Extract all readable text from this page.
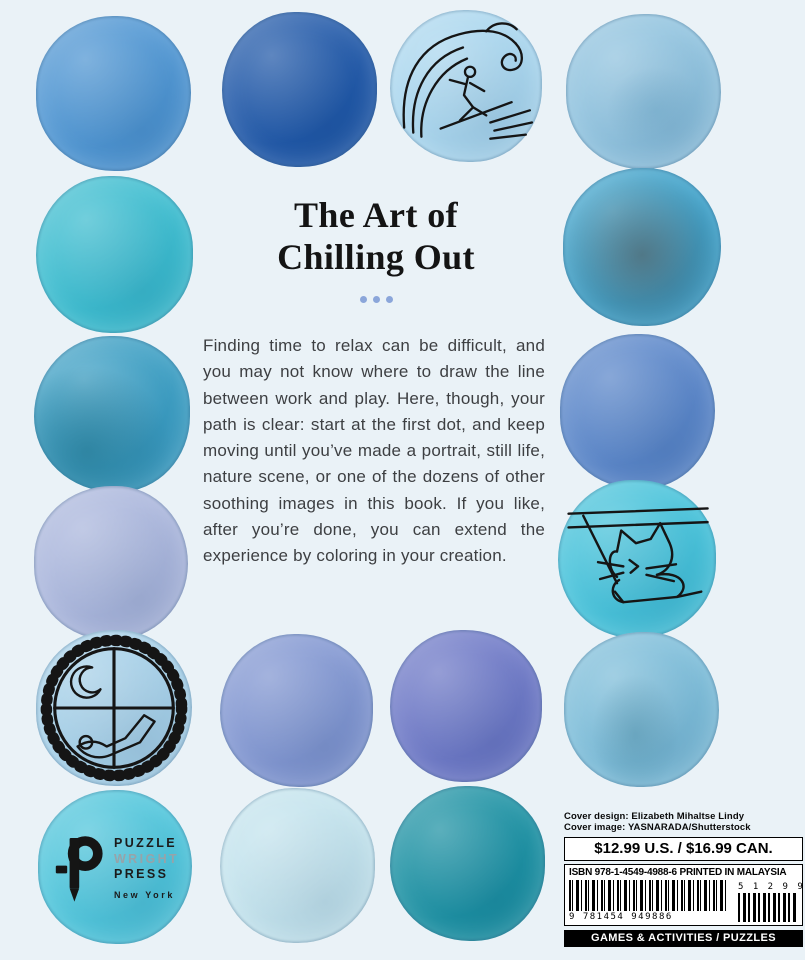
PUZZLE
WRIGHT
PRESS
New York
The Art of
Chilling Out

Finding time to relax can be difficult, and you may not know where to draw the line between work and play. Here, though, your path is clear: start at the first dot, and keep moving until you’ve made a portrait, still life, nature scene, or one of the dozens of other soothing images in this book. If you like, after you’re done, you can extend the experience by coloring in your creation.

Cover design: Elizabeth Mihaltse Lindy
Cover image: YASNARADA/Shutterstock
$12.99 U.S. / $16.99 CAN.
ISBN 978-1-4549-4988-6 PRINTED IN MALAYSIA
9 781454 949886
5 1 2 9 9
GAMES & ACTIVITIES / PUZZLES
